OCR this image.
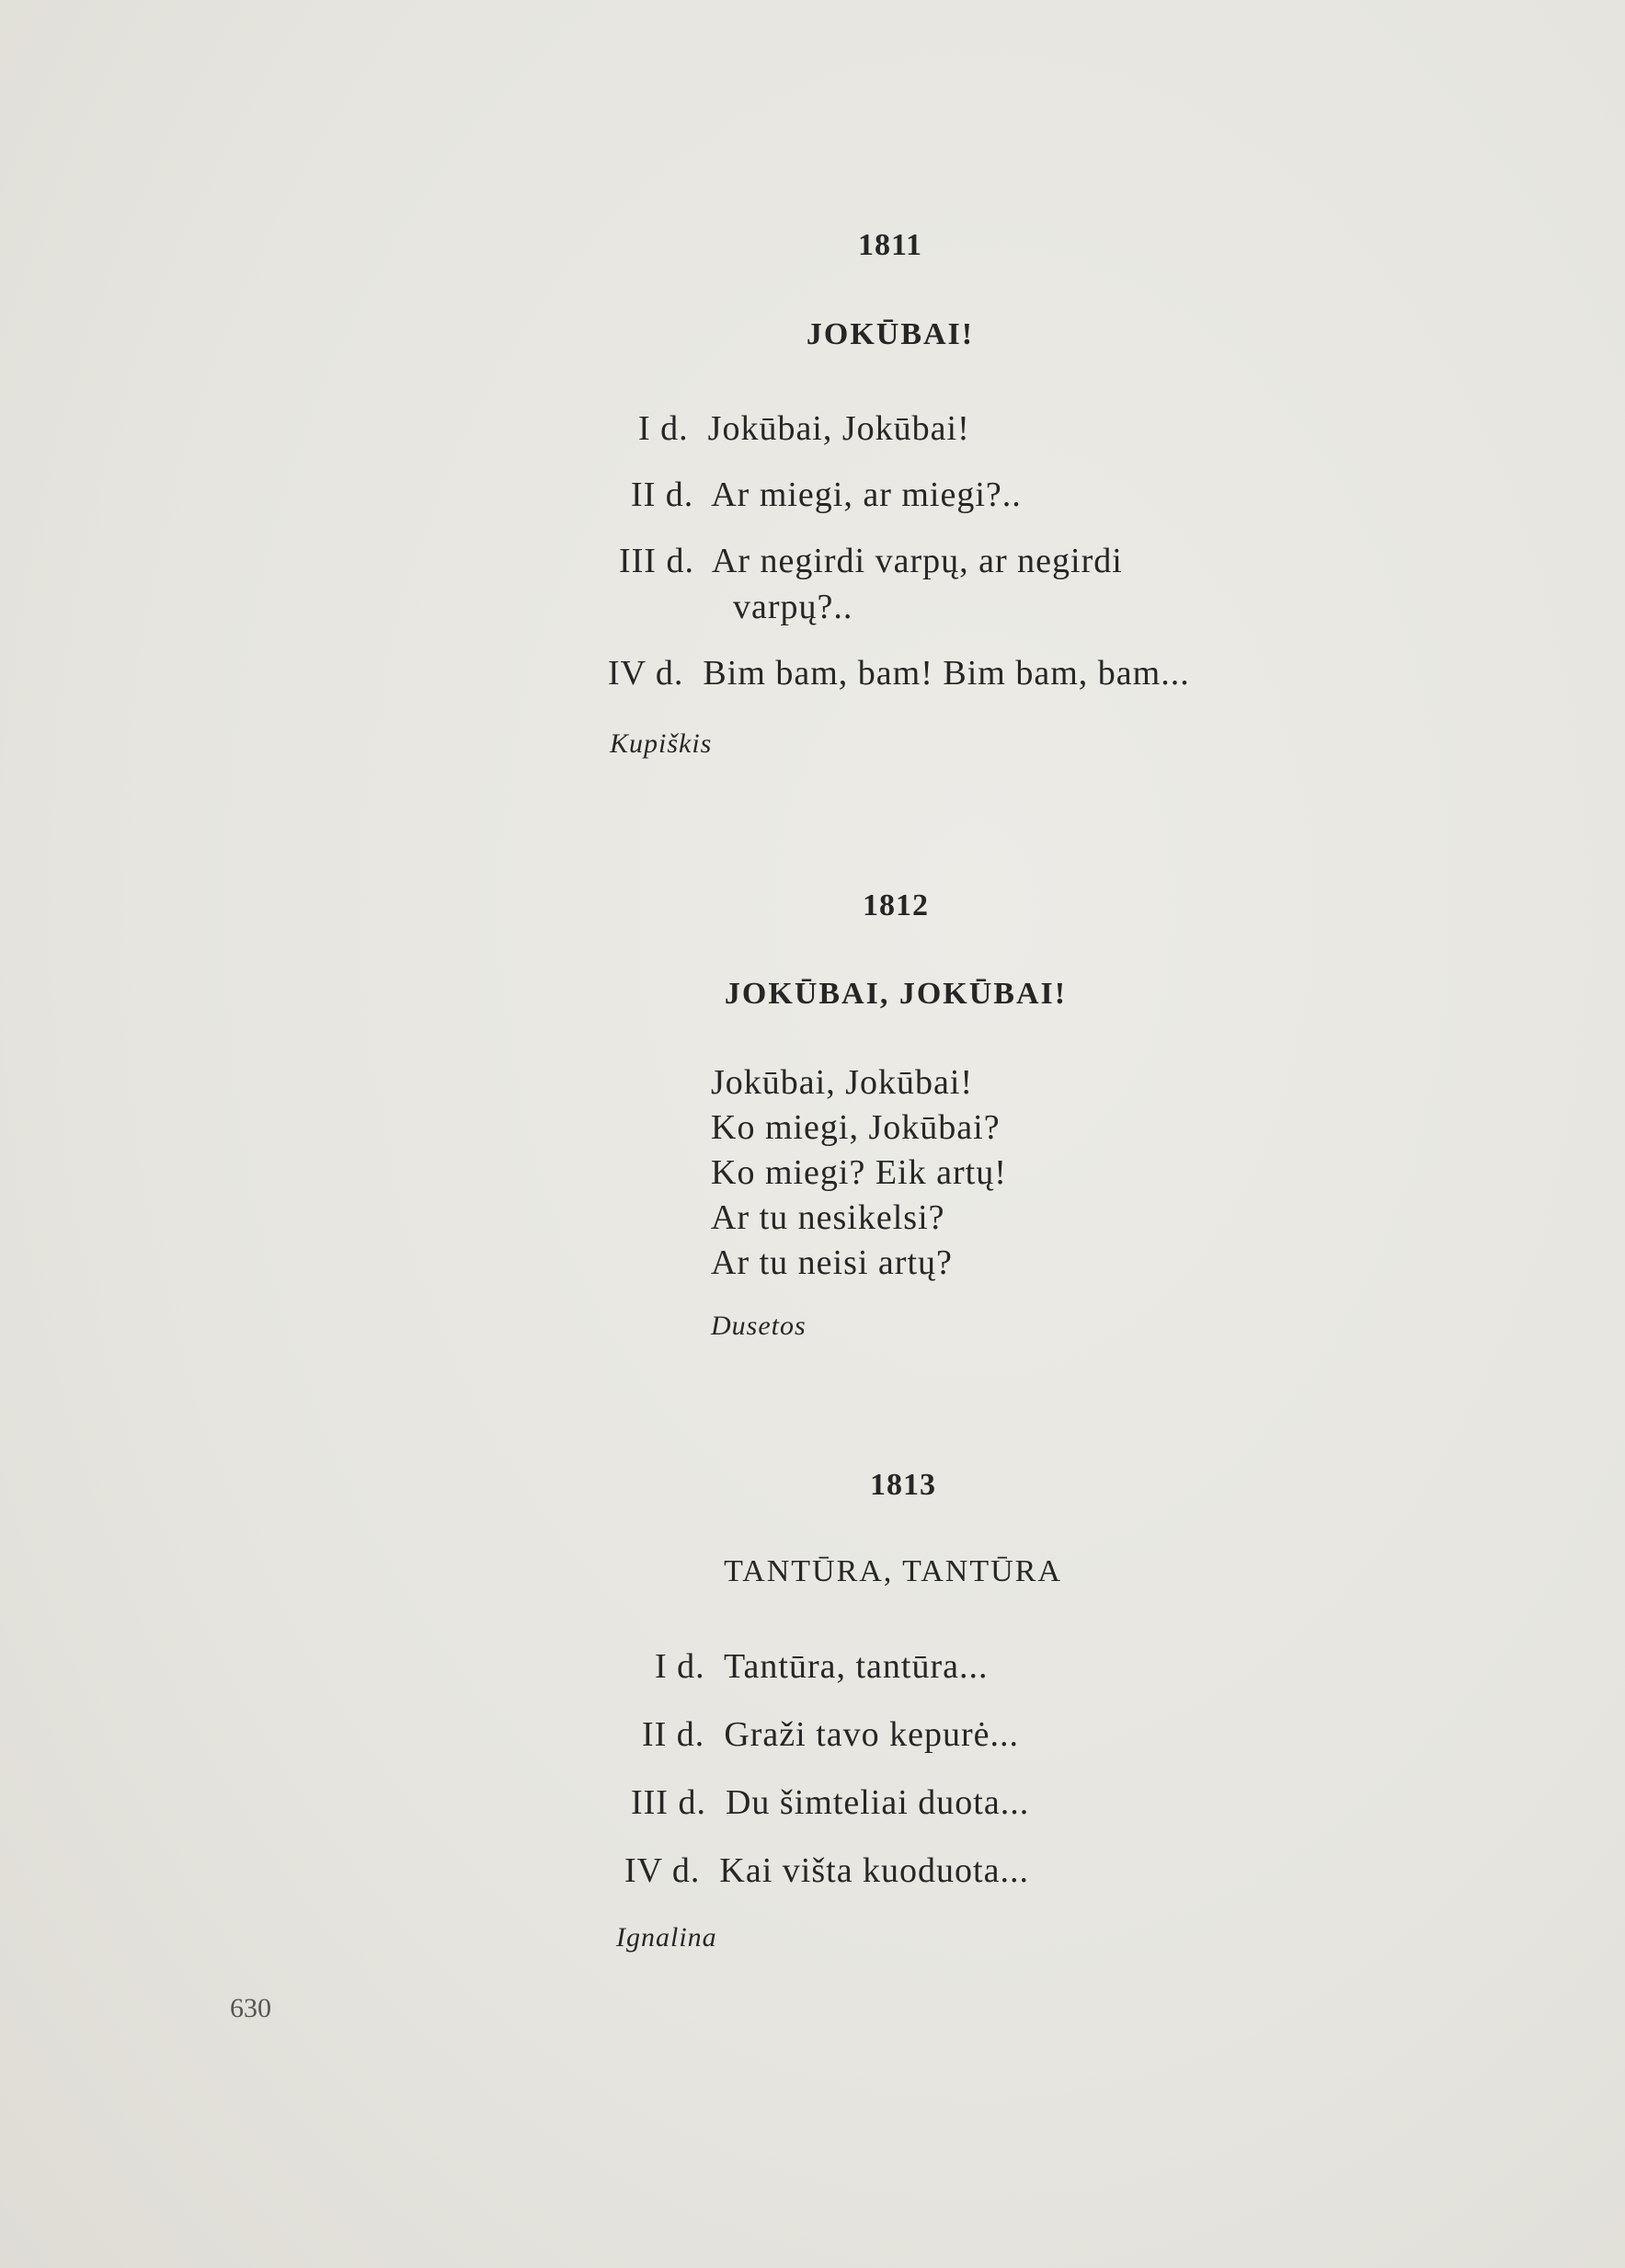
1811
JOKŪBAI!
I d. Jokūbai, Jokūbai!
II d. Ar miegi, ar miegi?..
III d. Ar negirdi varpų, ar negirdi
varpų?..
IV d. Bim bam, bam! Bim bam, bam...
Kupiškis
1812
JOKŪBAI, JOKŪBAI!
Jokūbai, Jokūbai!
Ko miegi, Jokūbai?
Ko miegi? Eik artų!
Ar tu nesikelsi?
Ar tu neisi artų?
Dusetos
1813
TANTŪRA, TANTŪRA
I d. Tantūra, tantūra...
II d. Graži tavo kepurė...
III d. Du šimteliai duota...
IV d. Kai višta kuoduota...
Ignalina
630
